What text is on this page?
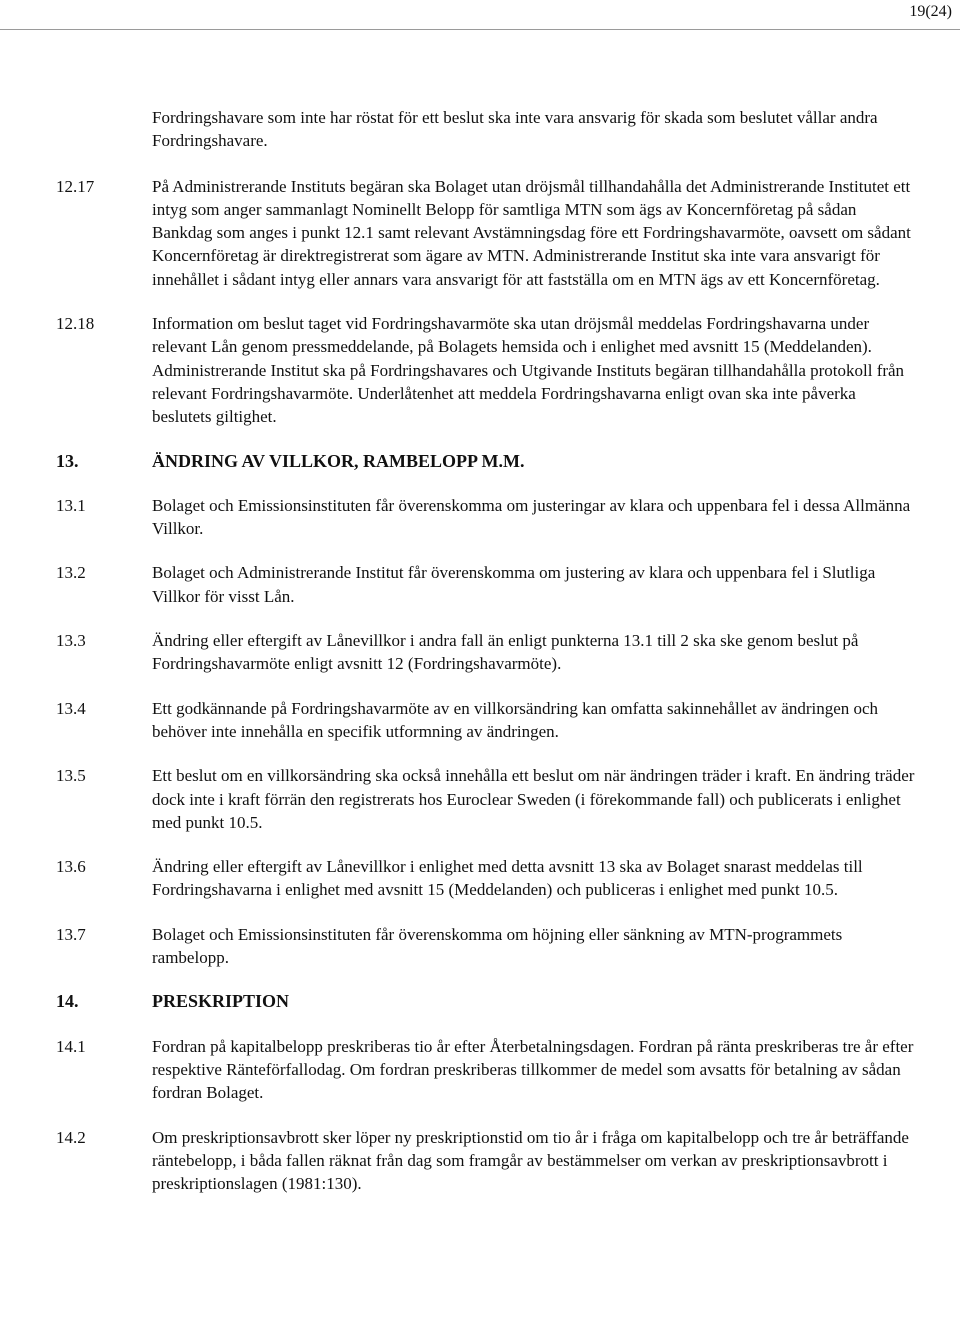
19(24)

Fordringshavare som inte har röstat för ett beslut ska inte vara ansvarig för skada som beslutet vållar andra Fordringshavare.

12.17	På Administrerande Instituts begäran ska Bolaget utan dröjsmål tillhandahålla det Administrerande Institutet ett intyg som anger sammanlagt Nominellt Belopp för samtliga MTN som ägs av Koncernföretag på sådan Bankdag som anges i punkt 12.1 samt relevant Avstämningsdag före ett Fordringshavarmöte, oavsett om sådant Koncernföretag är direktregistrerat som ägare av MTN. Administrerande Institut ska inte vara ansvarigt för innehållet i sådant intyg eller annars vara ansvarigt för att fastställa om en MTN ägs av ett Koncernföretag.
12.18	Information om beslut taget vid Fordringshavarmöte ska utan dröjsmål meddelas Fordringshavarna under relevant Lån genom pressmeddelande, på Bolagets hemsida och i enlighet med avsnitt 15 (Meddelanden). Administrerande Institut ska på Fordringshavares och Utgivande Instituts begäran tillhandahålla protokoll från relevant Fordringshavarmöte. Underlåtenhet att meddela Fordringshavarna enligt ovan ska inte påverka beslutets giltighet.
13.	ÄNDRING AV VILLKOR, RAMBELOPP M.M.
13.1	Bolaget och Emissionsinstituten får överenskomma om justeringar av klara och uppenbara fel i dessa Allmänna Villkor.
13.2	Bolaget och Administrerande Institut får överenskomma om justering av klara och uppenbara fel i Slutliga Villkor för visst Lån.
13.3	Ändring eller eftergift av Lånevillkor i andra fall än enligt punkterna 13.1 till 2 ska ske genom beslut på Fordringshavarmöte enligt avsnitt 12 (Fordringshavarmöte).
13.4	Ett godkännande på Fordringshavarmöte av en villkorsändring kan omfatta sakinnehållet av ändringen och behöver inte innehålla en specifik utformning av ändringen.
13.5	Ett beslut om en villkorsändring ska också innehålla ett beslut om när ändringen träder i kraft. En ändring träder dock inte i kraft förrän den registrerats hos Euroclear Sweden (i förekommande fall) och publicerats i enlighet med punkt 10.5.
13.6	Ändring eller eftergift av Lånevillkor i enlighet med detta avsnitt 13 ska av Bolaget snarast meddelas till Fordringshavarna i enlighet med avsnitt 15 (Meddelanden) och publiceras i enlighet med punkt 10.5.
13.7	Bolaget och Emissionsinstituten får överenskomma om höjning eller sänkning av MTN-programmets rambelopp.
14.	PRESKRIPTION
14.1	Fordran på kapitalbelopp preskriberas tio år efter Återbetalningsdagen. Fordran på ränta preskriberas tre år efter respektive Ränteförfallodag. Om fordran preskriberas tillkommer de medel som avsatts för betalning av sådan fordran Bolaget.
14.2	Om preskriptionsavbrott sker löper ny preskriptionstid om tio år i fråga om kapitalbelopp och tre år beträffande räntebelopp, i båda fallen räknat från dag som framgår av bestämmelser om verkan av preskriptionsavbrott i preskriptionslagen (1981:130).
